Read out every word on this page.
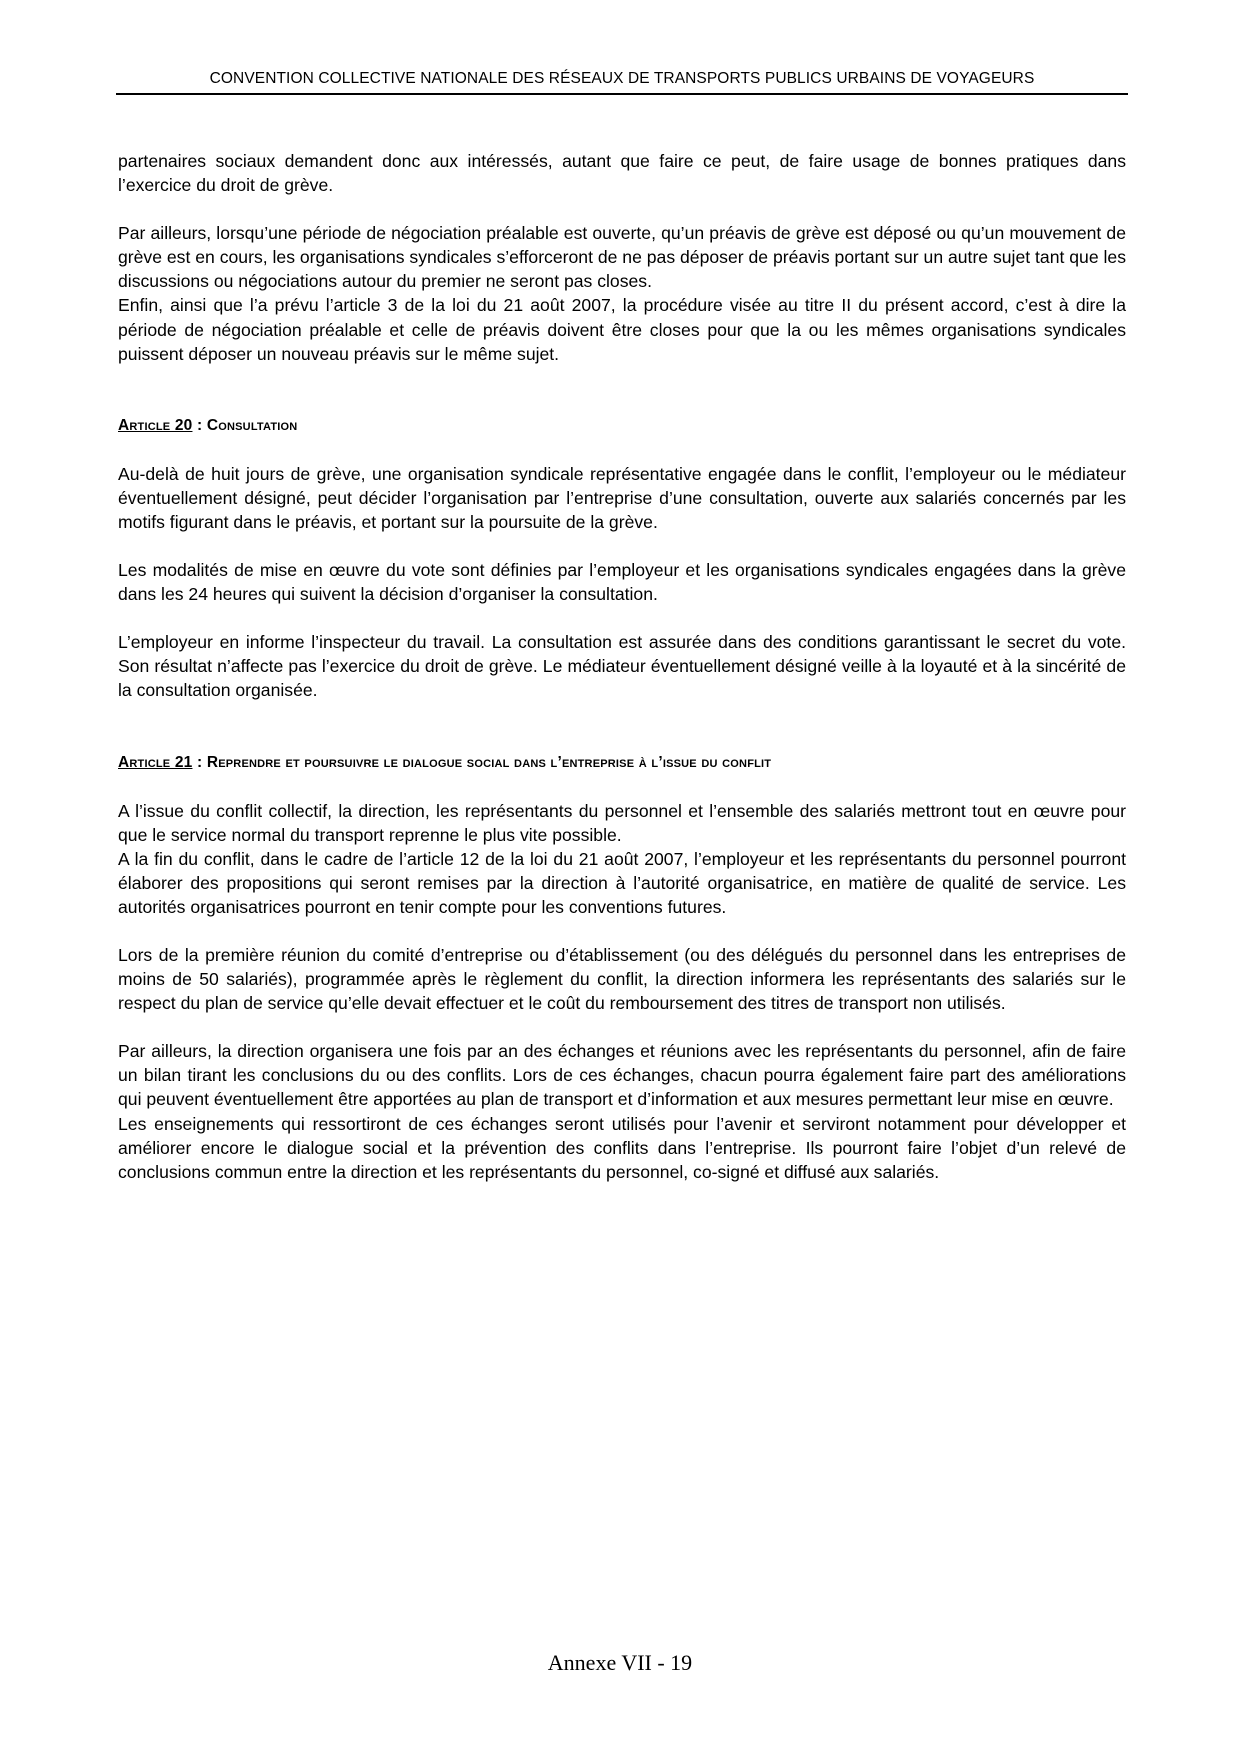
CONVENTION COLLECTIVE NATIONALE DES RÉSEAUX DE TRANSPORTS PUBLICS URBAINS DE VOYAGEURS

partenaires sociaux demandent donc aux intéressés, autant que faire ce peut, de faire usage de bonnes pratiques dans l’exercice du droit de grève.

Par ailleurs, lorsqu’une période de négociation préalable est ouverte, qu’un préavis de grève est déposé ou qu’un mouvement de grève est en cours, les organisations syndicales s’efforceront de ne pas déposer de préavis portant sur un autre sujet tant que les discussions ou négociations autour du premier ne seront pas closes.

Enfin, ainsi que l’a prévu l’article 3 de la loi du 21 août 2007, la procédure visée au titre II du présent accord, c’est à dire la période de négociation préalable et celle de préavis doivent être closes pour que la ou les mêmes organisations syndicales puissent déposer un nouveau préavis sur le même sujet.

Article 20 : Consultation

Au-delà de huit jours de grève, une organisation syndicale représentative engagée dans le conflit, l’employeur ou le médiateur éventuellement désigné, peut décider l’organisation par l’entreprise d’une consultation, ouverte aux salariés concernés par les motifs figurant dans le préavis, et portant sur la poursuite de la grève.

Les modalités de mise en œuvre du vote sont définies par l’employeur et les organisations syndicales engagées dans la grève dans les 24 heures qui suivent la décision d’organiser la consultation.

L’employeur en informe l’inspecteur du travail. La consultation est assurée dans des conditions garantissant le secret du vote. Son résultat n’affecte pas l’exercice du droit de grève. Le médiateur éventuellement désigné veille à la loyauté et à la sincérité de la consultation organisée.

Article 21 : Reprendre et poursuivre le dialogue social dans l’entreprise à l’issue du conflit

A l’issue du conflit collectif, la direction, les représentants du personnel et l’ensemble des salariés mettront tout en œuvre pour que le service normal du transport reprenne le plus vite possible.

A la fin du conflit, dans le cadre de l’article 12 de la loi du 21 août 2007, l’employeur et les représentants du personnel pourront élaborer des propositions qui seront remises par la direction à l’autorité organisatrice, en matière de qualité de service. Les autorités organisatrices pourront en tenir compte pour les conventions futures.

Lors de la première réunion du comité d’entreprise ou d’établissement (ou des délégués du personnel dans les entreprises de moins de 50 salariés), programmée après le règlement du conflit, la direction informera les représentants des salariés sur le respect du plan de service qu’elle devait effectuer et le coût du remboursement des titres de transport non utilisés.

Par ailleurs, la direction organisera une fois par an des échanges et réunions avec les représentants du personnel, afin de faire un bilan tirant les conclusions du ou des conflits. Lors de ces échanges, chacun pourra également faire part des améliorations qui peuvent éventuellement être apportées au plan de transport et d’information et aux mesures permettant leur mise en œuvre.

Les enseignements qui ressortiront de ces échanges seront utilisés pour l’avenir et serviront notamment pour développer et améliorer encore le dialogue social et la prévention des conflits dans l’entreprise. Ils pourront faire l’objet d’un relevé de conclusions commun entre la direction et les représentants du personnel, co-signé et diffusé aux salariés.

Annexe VII - 19
